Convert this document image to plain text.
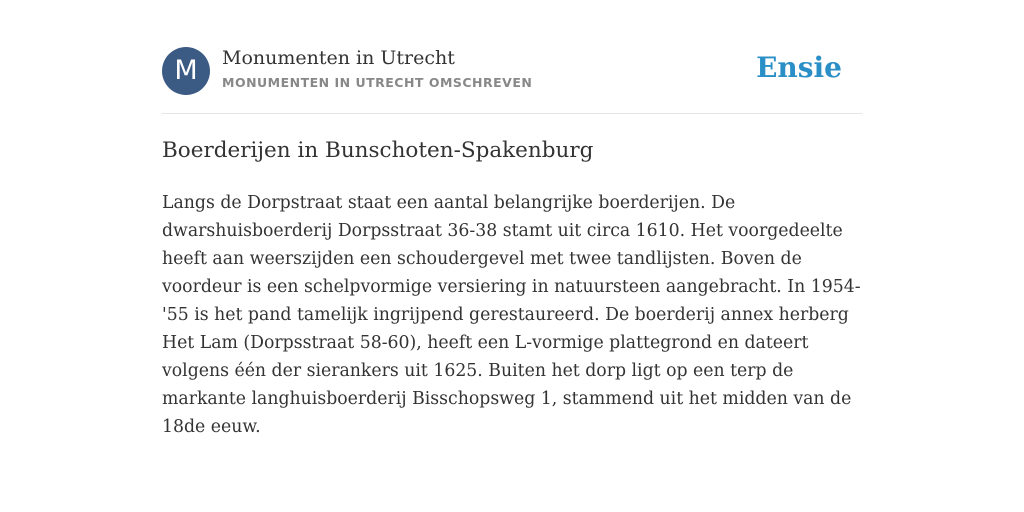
M	Monumenten in Utrecht
MONUMENTEN IN UTRECHT OMSCHREVEN	Ensie
Boerderijen in Bunschoten-Spakenburg

Langs de Dorpstraat staat een aantal belangrijke boerderijen. De dwarshuisboerderij Dorpsstraat 36-38 stamt uit circa 1610. Het voorgedeelte heeft aan weerszijden een schoudergevel met twee tandlijsten. Boven de voordeur is een schelpvormige versiering in natuursteen aangebracht. In 1954-'55 is het pand tamelijk ingrijpend gerestaureerd. De boerderij annex herberg Het Lam (Dorpsstraat 58-60), heeft een L-vormige plattegrond en dateert volgens één der sierankers uit 1625. Buiten het dorp ligt op een terp de markante langhuisboerderij Bisschopsweg 1, stammend uit het midden van de 18de eeuw.
